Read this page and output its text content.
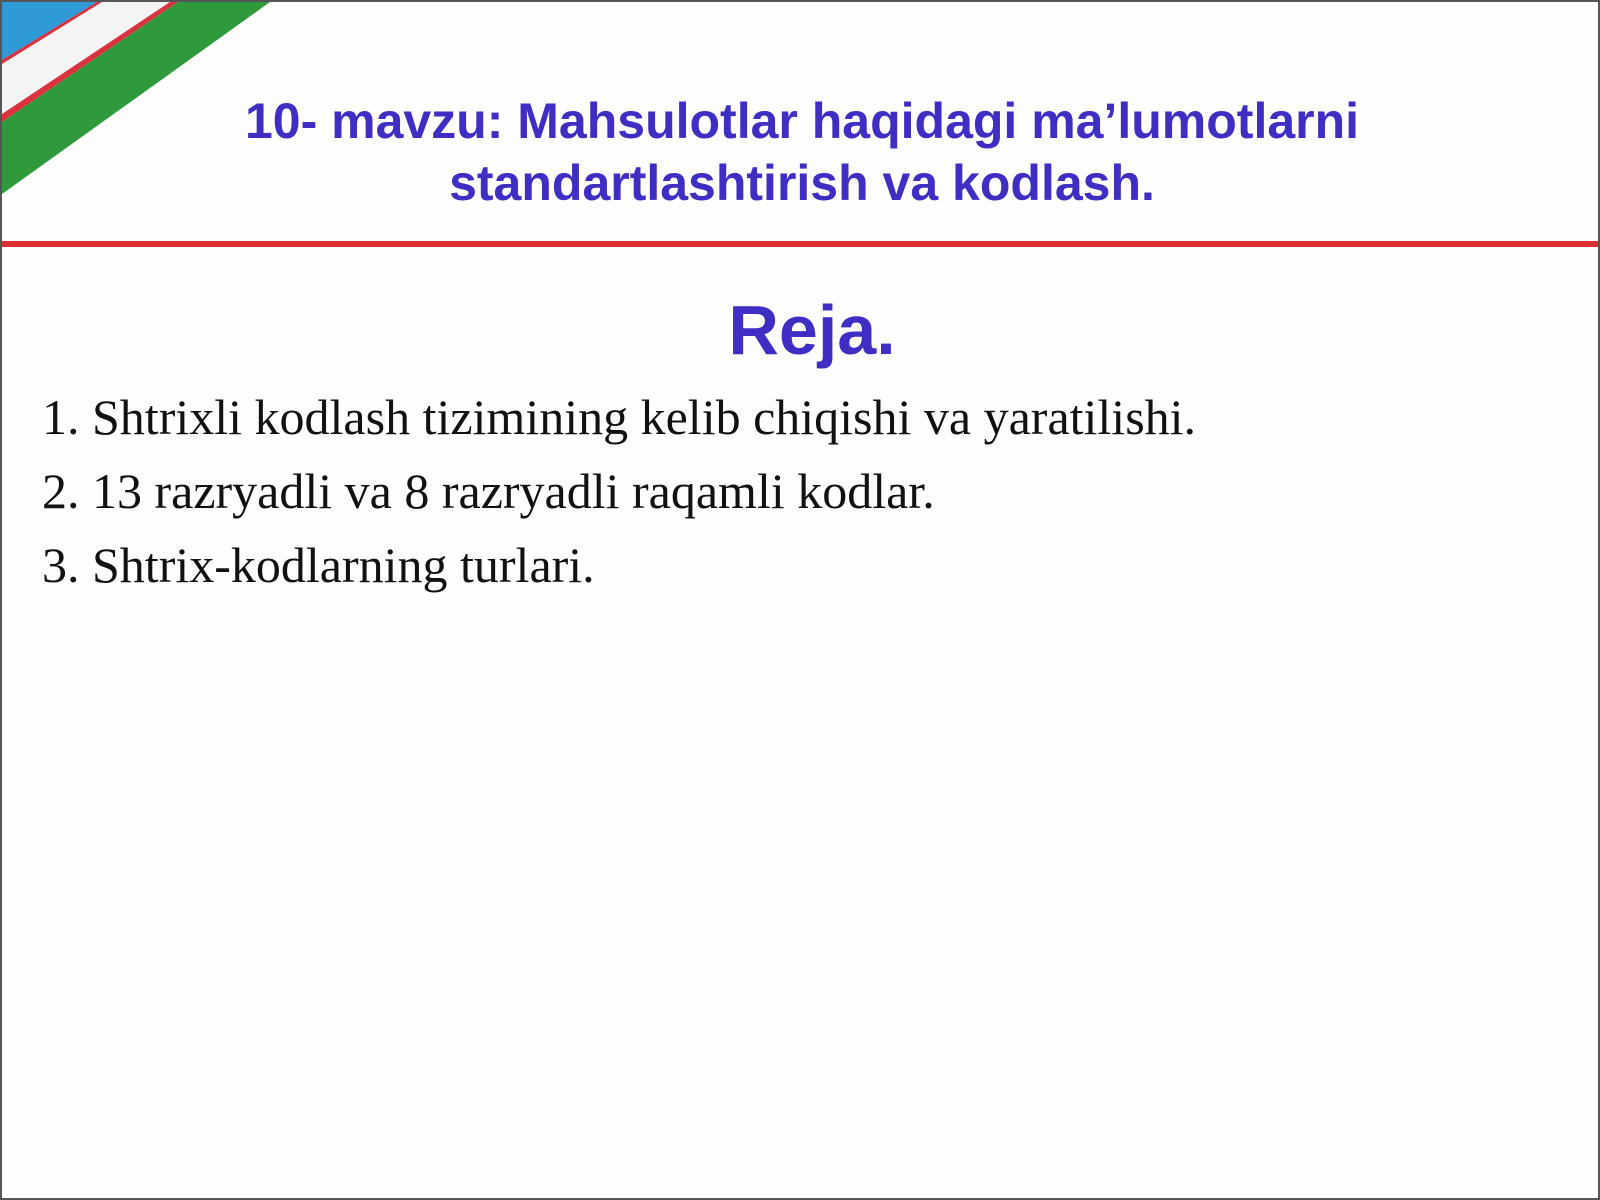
10- mavzu: Mahsulotlar haqidagi ma’lumotlarni
standartlashtirish va kodlash.
Reja.
1. Shtrixli kodlash tizimining kelib chiqishi va yaratilishi.
2. 13 razryadli va 8 razryadli raqamli kodlar.
3. Shtrix-kodlarning turlari.
